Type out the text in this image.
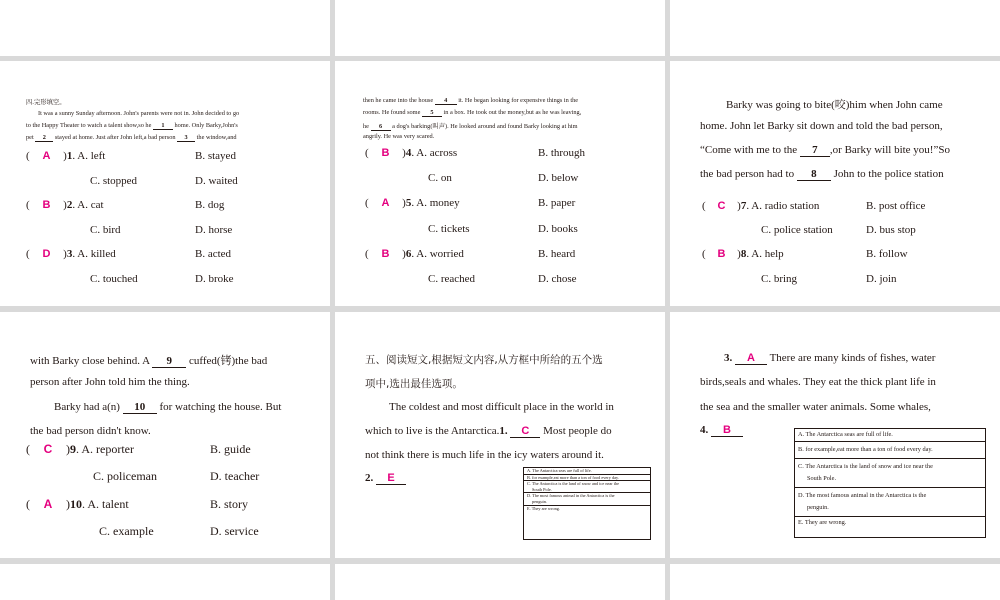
四.完形填空。
It was a sunny Sunday afternoon. John's parents were not in. John decided to go
to the Happy Theater to watch a talent show,so he 1 home. Only Barky,John's
pet 2 stayed at home. Just after John left,a bad person 3 the window,and
( A )1. A. left	B. stayed
C. stopped	D. waited
( B )2. A. cat	B. dog
C. bird	D. horse
( D )3. A. killed	B. acted
C. touched	D. broke
then he came into the house 4 it. He began looking for expensive things in the
rooms. He found some 5 in a box. He took out the money,but as he was leaving,
he 6 a dog's barking(叫声). He looked around and found Barky looking at him
angrily. He was very scared.
( B )4. A. across	B. through
C. on	D. below
( A )5. A. money	B. paper
C. tickets	D. books
( B )6. A. worried	B. heard
C. reached	D. chose
Barky was going to bite(咬)him when John came
home. John let Barky sit down and told the bad person,
“Come with me to the 7 ,or Barky will bite you!”So
the bad person had to 8 John to the police station
( C )7. A. radio station	B. post office
C. police station	D. bus stop
( B )8. A. help	B. follow
C. bring	D. join
with Barky close behind. A 9 cuffed(铐)the bad
person after John told him the thing.
Barky had a(n) 10 for watching the house. But
the bad person didn't know.
( C )9. A. reporter	B. guide
C. policeman	D. teacher
( A )10. A. talent	B. story
C. example	D. service
五、阅读短文,根据短文内容,从方框中所给的五个选
项中,选出最佳选项。
The coldest and most difficult place in the world in
which to live is the Antarctica.1. C Most people do
not think there is much life in the icy waters around it.
2. E
A. The Antarctica seas are full of life.
B. for example,eat more than a ton of food every day.
C. The Antarctica is the land of snow and ice near the
South Pole.
D. The most famous animal in the Antarctica is the
penguin.
E. They are wrong.
3. A There are many kinds of fishes, water
birds,seals and whales. They eat the thick plant life in
the sea and the smaller water animals. Some whales,
4. B	A. The Antarctica seas are full of life.
B. for example,eat more than a ton of food every day.
C. The Antarctica is the land of snow and ice near the
South Pole.
D. The most famous animal in the Antarctica is the
penguin.
E. They are wrong.
